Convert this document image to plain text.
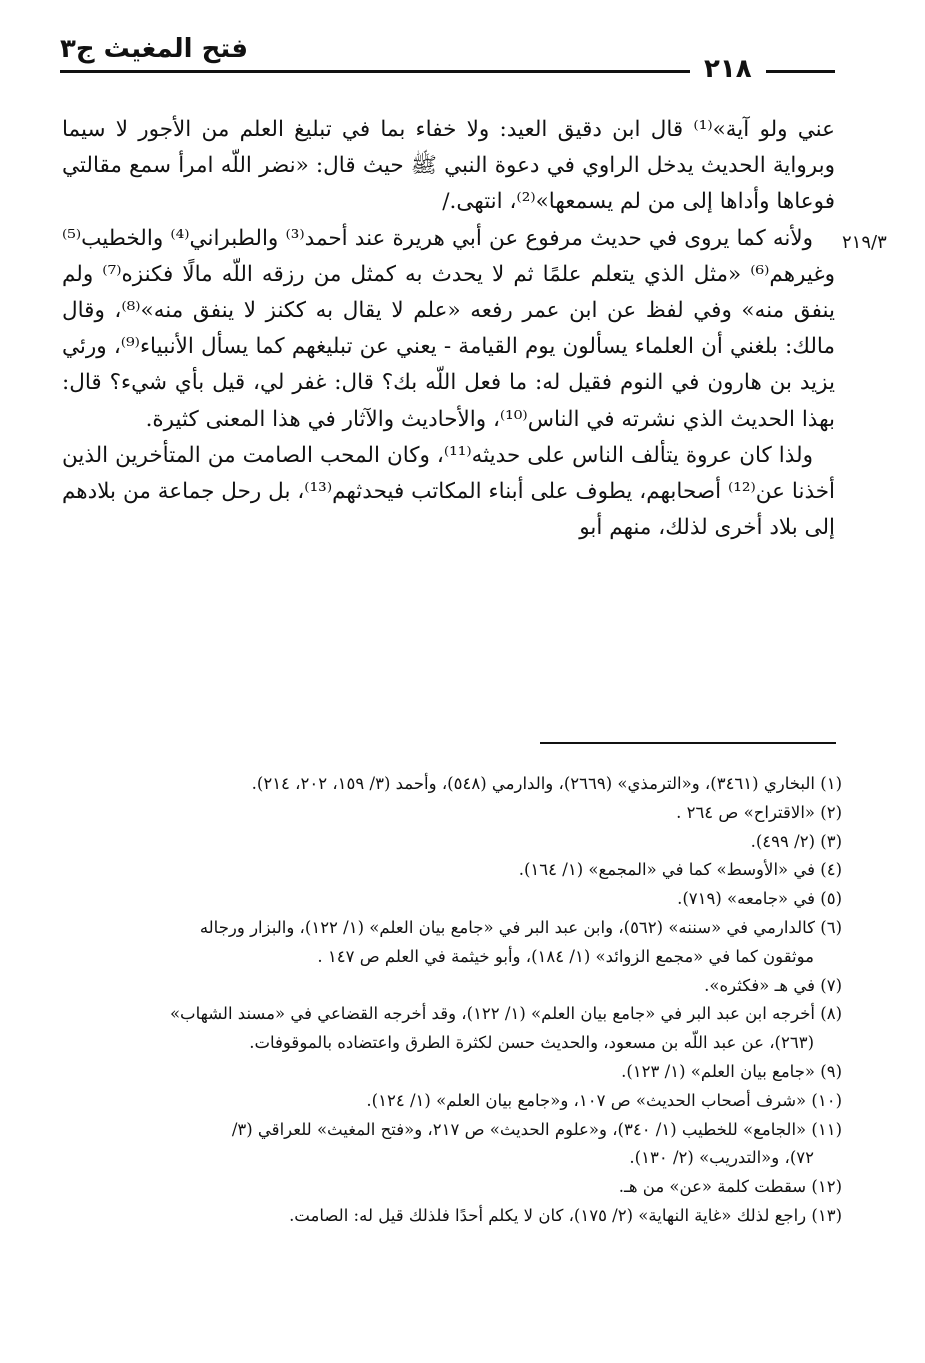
فتح المغيث ج٣
٢١٨
٢١٩/٣

عني ولو آية»⁽¹⁾ قال ابن دقيق العيد: ولا خفاء بما في تبليغ العلم من الأجور لا سيما وبرواية الحديث يدخل الراوي في دعوة النبي ﷺ حيث قال: «نضر اللّه امرأ سمع مقالتي فوعاها وأداها إلى من لم يسمعها»⁽²⁾، انتهى./

ولأنه كما يروى في حديث مرفوع عن أبي هريرة عند أحمد⁽³⁾ والطبراني⁽⁴⁾ والخطيب⁽⁵⁾ وغيرهم⁽⁶⁾ «مثل الذي يتعلم علمًا ثم لا يحدث به كمثل من رزقه اللّه مالًا فكنزه⁽⁷⁾ ولم ينفق منه» وفي لفظ عن ابن عمر رفعه «علم لا يقال به ككنز لا ينفق منه»⁽⁸⁾، وقال مالك: بلغني أن العلماء يسألون يوم القيامة - يعني عن تبليغهم كما يسأل الأنبياء⁽⁹⁾، ورئي يزيد بن هارون في النوم فقيل له: ما فعل اللّه بك؟ قال: غفر لي، قيل بأي شيء؟ قال: بهذا الحديث الذي نشرته في الناس⁽¹⁰⁾، والأحاديث والآثار في هذا المعنى كثيرة.

ولذا كان عروة يتألف الناس على حديثه⁽¹¹⁾، وكان المحب الصامت من المتأخرين الذين أخذنا عن⁽¹²⁾ أصحابهم، يطوف على أبناء المكاتب فيحدثهم⁽¹³⁾، بل رحل جماعة من بلادهم إلى بلاد أخرى لذلك، منهم أبو

(١) البخاري (٣٤٦١)، و«الترمذي» (٢٦٦٩)، والدارمي (٥٤٨)، وأحمد (٣/ ١٥٩، ٢٠٢، ٢١٤).

(٢) «الاقتراح» ص ٢٦٤ .

(٣) (٢/ ٤٩٩).

(٤) في «الأوسط» كما في «المجمع» (١/ ١٦٤).

(٥) في «جامعه» (٧١٩).

(٦) كالدارمي في «سننه» (٥٦٢)، وابن عبد البر في «جامع بيان العلم» (١/ ١٢٢)، والبزار ورجاله

موثقون كما في «مجمع الزوائد» (١/ ١٨٤)، وأبو خيثمة في العلم ص ١٤٧ .

(٧) في هـ «فكثره».

(٨) أخرجه ابن عبد البر في «جامع بيان العلم» (١/ ١٢٢)، وقد أخرجه القضاعي في «مسند الشهاب»

(٢٦٣)، عن عبد اللّه بن مسعود، والحديث حسن لكثرة الطرق واعتضاده بالموقوفات.

(٩) «جامع بيان العلم» (١/ ١٢٣).

(١٠) «شرف أصحاب الحديث» ص ١٠٧، و«جامع بيان العلم» (١/ ١٢٤).

(١١) «الجامع» للخطيب (١/ ٣٤٠)، و«علوم الحديث» ص ٢١٧، و«فتح المغيث» للعراقي (٣/

٧٢)، و«التدريب» (٢/ ١٣٠).

(١٢) سقطت كلمة «عن» من هـ.

(١٣) راجع لذلك «غاية النهاية» (٢/ ١٧٥)، كان لا يكلم أحدًا فلذلك قيل له: الصامت.
